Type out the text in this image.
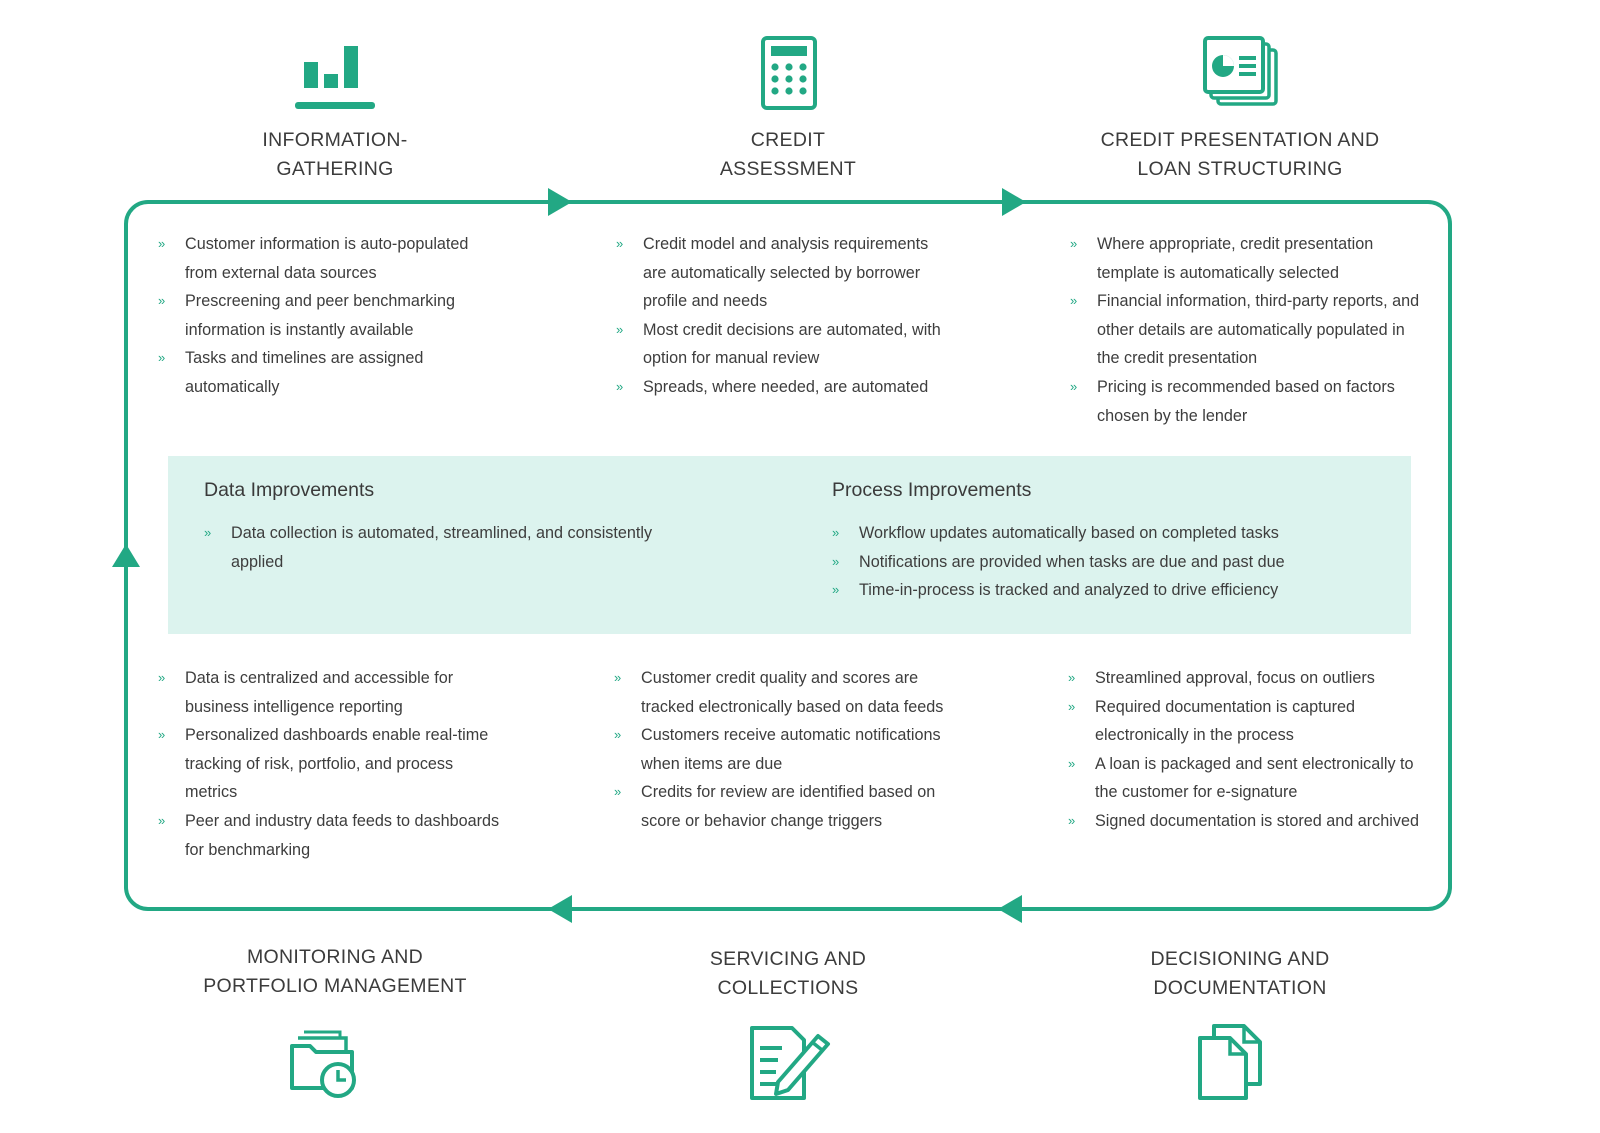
INFORMATION-
GATHERING
CREDIT
ASSESSMENT
CREDIT PRESENTATION AND
LOAN STRUCTURING
» Customer information is auto-populated from external data sources
» Prescreening and peer benchmarking information is instantly available
» Tasks and timelines are assigned automatically
» Credit model and analysis requirements are automatically selected by borrower profile and needs
» Most credit decisions are automated, with option for manual review
» Spreads, where needed, are automated
» Where appropriate, credit presentation template is automatically selected
» Financial information, third-party reports, and other details are automatically populated in the credit presentation
» Pricing is recommended based on factors chosen by the lender
Data Improvements
» Data collection is automated, streamlined, and consistently applied
Process Improvements
» Workflow updates automatically based on completed tasks
» Notifications are provided when tasks are due and past due
» Time-in-process is tracked and analyzed to drive efficiency
» Data is centralized and accessible for business intelligence reporting
» Personalized dashboards enable real-time tracking of risk, portfolio, and process metrics
» Peer and industry data feeds to dashboards for benchmarking
» Customer credit quality and scores are tracked electronically based on data feeds
» Customers receive automatic notifications when items are due
» Credits for review are identified based on score or behavior change triggers
» Streamlined approval, focus on outliers
» Required documentation is captured electronically in the process
» A loan is packaged and sent electronically to the customer for e-signature
» Signed documentation is stored and archived
MONITORING AND
PORTFOLIO MANAGEMENT
SERVICING AND
COLLECTIONS
DECISIONING AND
DOCUMENTATION
